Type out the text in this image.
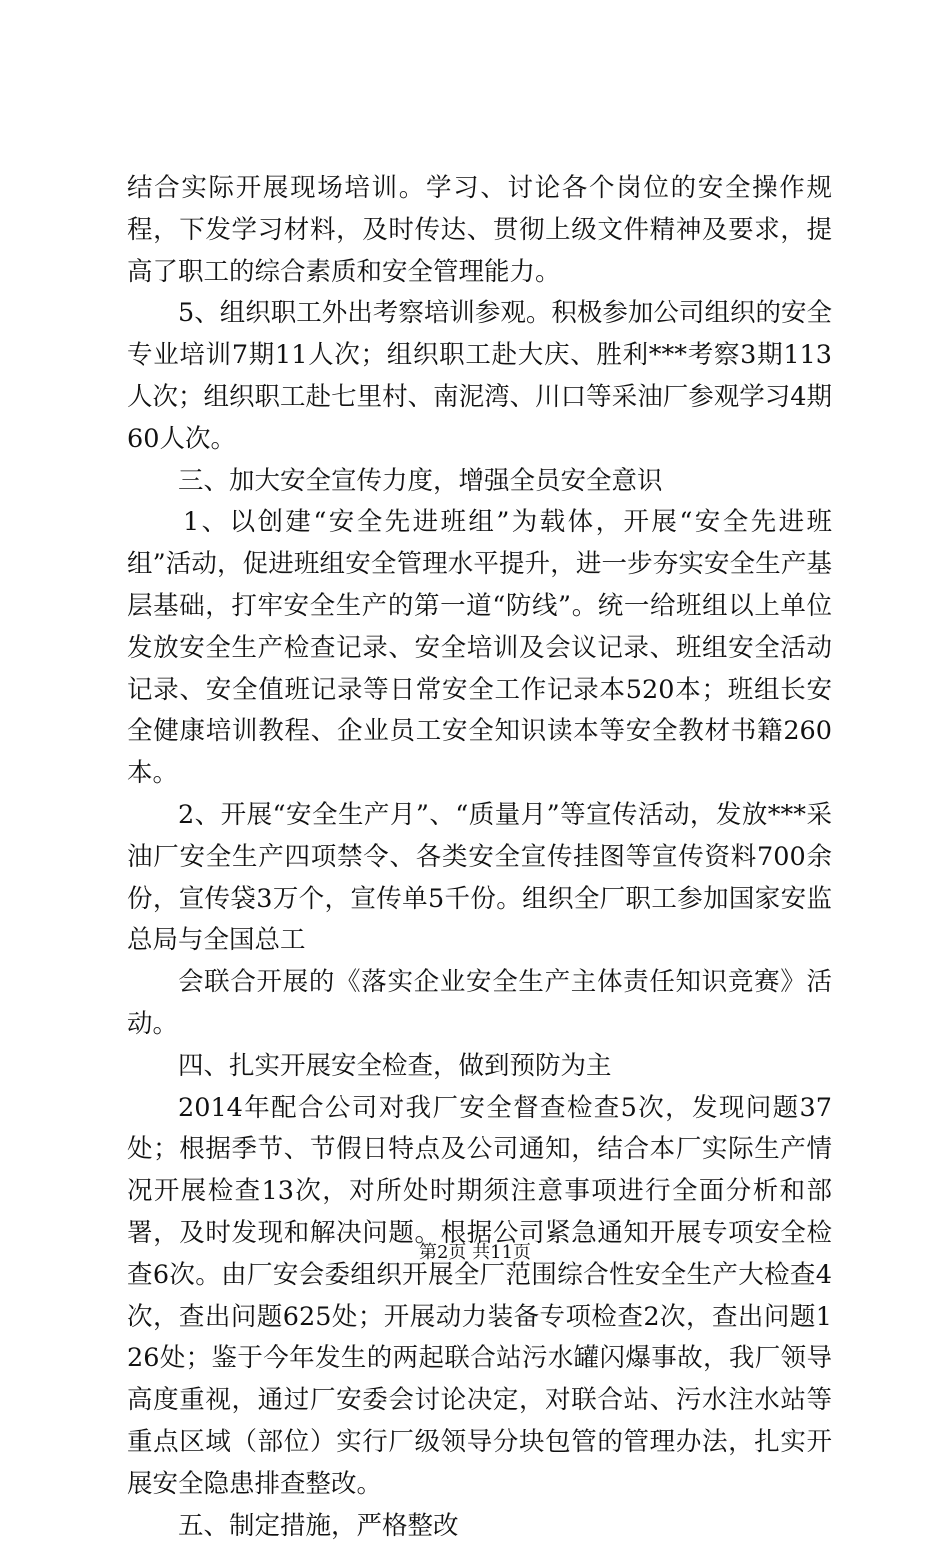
结合实际开展现场培训。学习、讨论各个岗位的安全操作规程，下发学习材料，及时传达、贯彻上级文件精神及要求，提高了职工的综合素质和安全管理能力。

5、组织职工外出考察培训参观。积极参加公司组织的安全专业培训7期11人次；组织职工赴大庆、胜利***考察3期113人次；组织职工赴七里村、南泥湾、川口等采油厂参观学习4期60人次。

三、加大安全宣传力度，增强全员安全意识

1、以创建“安全先进班组”为载体，开展“安全先进班组”活动，促进班组安全管理水平提升，进一步夯实安全生产基层基础，打牢安全生产的第一道“防线”。统一给班组以上单位发放安全生产检查记录、安全培训及会议记录、班组安全活动记录、安全值班记录等日常安全工作记录本520本；班组长安全健康培训教程、企业员工安全知识读本等安全教材书籍260本。

2、开展“安全生产月”、“质量月”等宣传活动，发放***采油厂安全生产四项禁令、各类安全宣传挂图等宣传资料700余份，宣传袋3万个，宣传单5千份。组织全厂职工参加国家安监总局与全国总工

会联合开展的《落实企业安全生产主体责任知识竞赛》活动。

四、扎实开展安全检查，做到预防为主

2014年配合公司对我厂安全督查检查5次，发现问题37处；根据季节、节假日特点及公司通知，结合本厂实际生产情况开展检查13次，对所处时期须注意事项进行全面分析和部署，及时发现和解决问题。根据公司紧急通知开展专项安全检查6次。由厂安会委组织开展全厂范围综合性安全生产大检查4次，查出问题625处；开展动力装备专项检查2次，查出问题126处；鉴于今年发生的两起联合站污水罐闪爆事故，我厂领导高度重视，通过厂安委会讨论决定，对联合站、污水注水站等重点区域（部位）实行厂级领导分块包管的管理办法，扎实开展安全隐患排查整改。

五、制定措施，严格整改

第2页 共11页
